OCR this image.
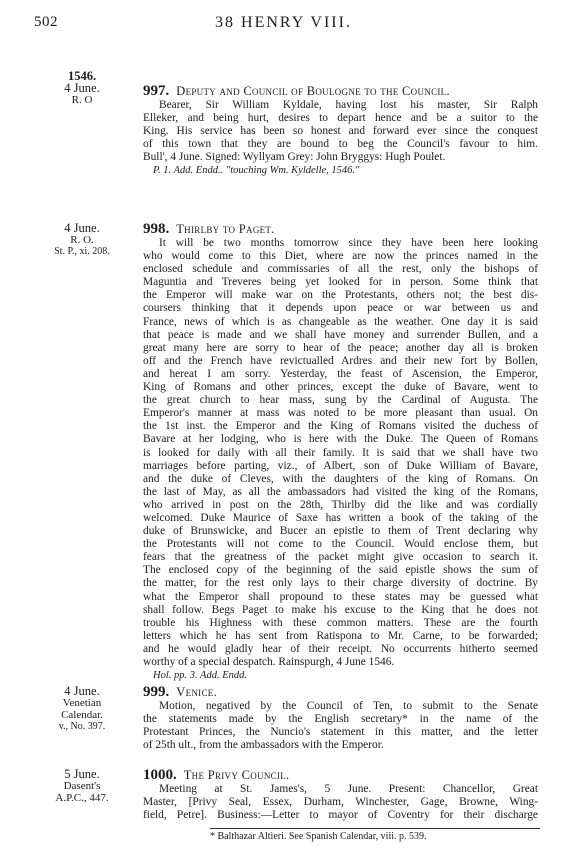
502	38 HENRY VIII.
1546.
4 June.
R. O
997. Deputy and Council of Boulogne to the Council.
Bearer, Sir William Kyldale, having lost his master, Sir Ralph
Elleker, and being hurt, desires to depart hence and be a suitor to the
King. His service has been so honest and forward ever since the conquest
of this town that they are bound to beg the Council's favour to him.
Bull', 4 June. Signed: Wyllyam Grey: John Bryggys: Hugh Poulet.
P. 1. Add. Endd.. "touching Wm. Kyldelle, 1546."
4 June.
R. O.
St. P., xi. 208.
998. Thirlby to Paget.
It will be two months tomorrow since they have been here looking
who would come to this Diet, where are now the princes named in the
enclosed schedule and commissaries of all the rest, only the bishops of
Maguntia and Treveres being yet looked for in person. Some think that
the Emperor will make war on the Protestants, others not; the best dis-
coursers thinking that it depends upon peace or war between us and
France, news of which is as changeable as the weather. One day it is said
that peace is made and we shall have money and surrender Bullen, and a
great many here are sorry to hear of the peace; another day all is broken
off and the French have revictualled Ardres and their new fort by Bollen,
and hereat I am sorry. Yesterday, the feast of Ascension, the Emperor,
King of Romans and other princes, except the duke of Bavare, went to
the great church to hear mass, sung by the Cardinal of Augusta. The
Emperor's manner at mass was noted to be more pleasant than usual. On
the 1st inst. the Emperor and the King of Romans visited the duchess of
Bavare at her lodging, who is here with the Duke. The Queen of Romans
is looked for daily with all their family. It is said that we shall have two
marriages before parting, viz., of Albert, son of Duke William of Bavare,
and the duke of Cleves, with the daughters of the king of Romans. On
the last of May, as all the ambassadors had visited the king of the Romans,
who arrived in post on the 28th, Thirlby did the like and was cordially
welcomed. Duke Maurice of Saxe has written a book of the taking of the
duke of Brunswicke, and Bucer an epistle to them of Trent declaring why
the Protestants will not come to the Council. Would enclose them, but
fears that the greatness of the packet might give occasion to search it.
The enclosed copy of the beginning of the said epistle shows the sum of
the matter, for the rest only lays to their charge diversity of doctrine. By
what the Emperor shall propound to these states may be guessed what
shall follow. Begs Paget to make his excuse to the King that he does not
trouble his Highness with these common matters. These are the fourth
letters which he has sent from Ratispona to Mr. Carne, to be forwarded;
and he would gladly hear of their receipt. No occurrents hitherto seemed
worthy of a special despatch. Rainspurgh, 4 June 1546.
Hol. pp. 3. Add. Endd.
4 June.
Venetian
Calendar.
v., No. 397.
999. Venice.
Motion, negatived by the Council of Ten, to submit to the Senate
the statements made by the English secretary* in the name of the
Protestant Princes, the Nuncio's statement in this matter, and the letter
of 25th ult., from the ambassadors with the Emperor.
5 June.
Dasent's
A.P.C., 447.
1000. The Privy Council.
Meeting at St. James's, 5 June. Present: Chancellor, Great
Master, [Privy Seal, Essex, Durham, Winchester, Gage, Browne, Wing-
field, Petre]. Business:—Letter to mayor of Coventry for their discharge
* Balthazar Altieri. See Spanish Calendar, viii. p. 539.
